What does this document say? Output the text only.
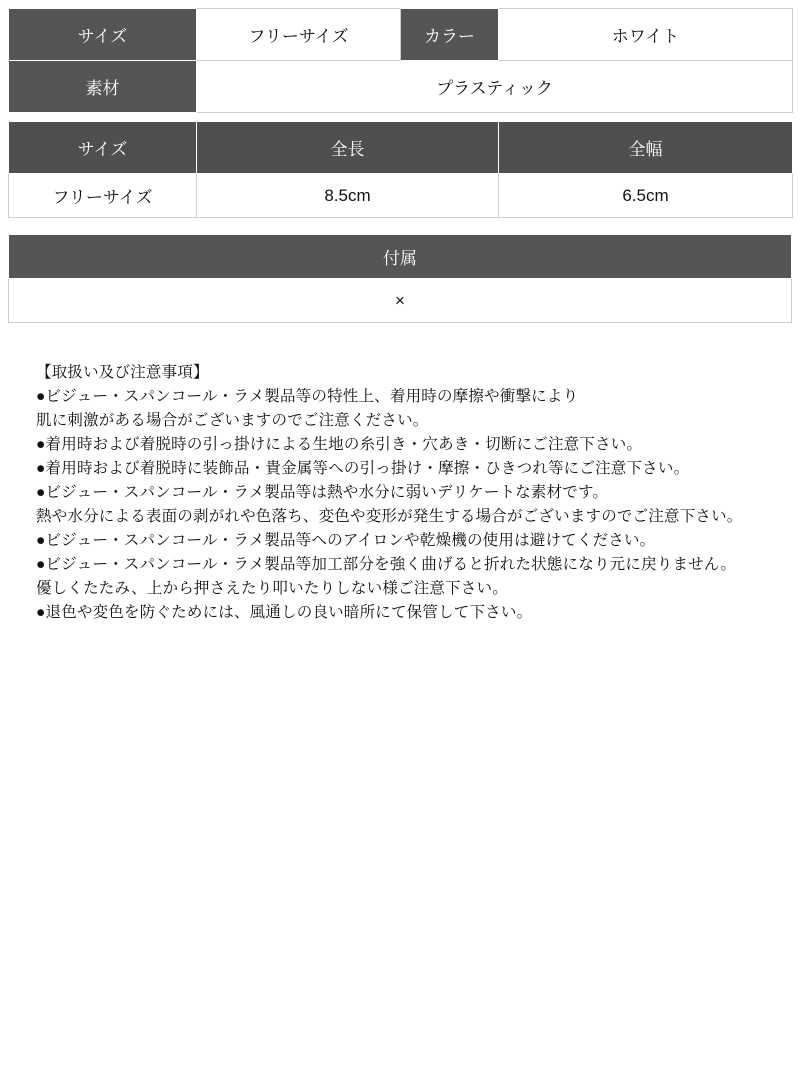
サイズ	フリーサイズ	カラー	ホワイト
素材	プラスティック		
サイズ	全長	全幅
フリーサイズ	8.5cm	6.5cm
付属
×
【取扱い及び注意事項】
●ビジュー・スパンコール・ラメ製品等の特性上、着用時の摩擦や衝撃により
肌に刺激がある場合がございますのでご注意ください。
●着用時および着脱時の引っ掛けによる生地の糸引き・穴あき・切断にご注意下さい。
●着用時および着脱時に装飾品・貴金属等への引っ掛け・摩擦・ひきつれ等にご注意下さい。
●ビジュー・スパンコール・ラメ製品等は熱や水分に弱いデリケートな素材です。
熱や水分による表面の剥がれや色落ち、変色や変形が発生する場合がございますのでご注意下さい。
●ビジュー・スパンコール・ラメ製品等へのアイロンや乾燥機の使用は避けてください。
●ビジュー・スパンコール・ラメ製品等加工部分を強く曲げると折れた状態になり元に戻りません。
優しくたたみ、上から押さえたり叩いたりしない様ご注意下さい。
●退色や変色を防ぐためには、風通しの良い暗所にて保管して下さい。
